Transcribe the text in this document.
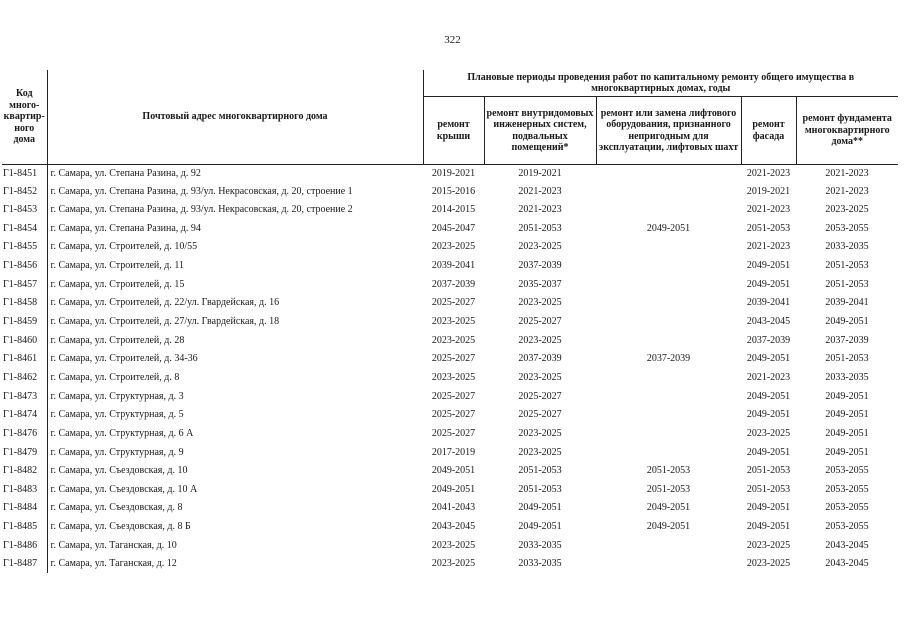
322
Код много-квартир-ного дома	Почтовый адрес многоквартирного дома	Плановые периоды проведения работ по капитальному ремонту общего имущества в многоквартирных домах, годы				
		ремонт крыши	ремонт внутридомовых инженерных систем, подвальных помещений*	ремонт или замена лифтового оборудования, признанного непригодным для эксплуатации, лифтовых шахт	ремонт фасада	ремонт фундамента многоквартирного дома**
Г1-8451	г. Самара, ул. Степана Разина, д. 92	2019-2021	2019-2021		2021-2023	2021-2023
Г1-8452	г. Самара, ул. Степана Разина, д. 93/ул. Некрасовская, д. 20, строение 1	2015-2016	2021-2023		2019-2021	2021-2023
Г1-8453	г. Самара, ул. Степана Разина, д. 93/ул. Некрасовская, д. 20, строение 2	2014-2015	2021-2023		2021-2023	2023-2025
Г1-8454	г. Самара, ул. Степана Разина, д. 94	2045-2047	2051-2053	2049-2051	2051-2053	2053-2055
Г1-8455	г. Самара, ул. Строителей, д. 10/55	2023-2025	2023-2025		2021-2023	2033-2035
Г1-8456	г. Самара, ул. Строителей, д. 11	2039-2041	2037-2039		2049-2051	2051-2053
Г1-8457	г. Самара, ул. Строителей, д. 15	2037-2039	2035-2037		2049-2051	2051-2053
Г1-8458	г. Самара, ул. Строителей, д. 22/ул. Гвардейская, д. 16	2025-2027	2023-2025		2039-2041	2039-2041
Г1-8459	г. Самара, ул. Строителей, д. 27/ул. Гвардейская, д. 18	2023-2025	2025-2027		2043-2045	2049-2051
Г1-8460	г. Самара, ул. Строителей, д. 28	2023-2025	2023-2025		2037-2039	2037-2039
Г1-8461	г. Самара, ул. Строителей, д. 34-36	2025-2027	2037-2039	2037-2039	2049-2051	2051-2053
Г1-8462	г. Самара, ул. Строителей, д. 8	2023-2025	2023-2025		2021-2023	2033-2035
Г1-8473	г. Самара, ул. Структурная, д. 3	2025-2027	2025-2027		2049-2051	2049-2051
Г1-8474	г. Самара, ул. Структурная, д. 5	2025-2027	2025-2027		2049-2051	2049-2051
Г1-8476	г. Самара, ул. Структурная, д. 6 А	2025-2027	2023-2025		2023-2025	2049-2051
Г1-8479	г. Самара, ул. Структурная, д. 9	2017-2019	2023-2025		2049-2051	2049-2051
Г1-8482	г. Самара, ул. Съездовская, д. 10	2049-2051	2051-2053	2051-2053	2051-2053	2053-2055
Г1-8483	г. Самара, ул. Съездовская, д. 10 А	2049-2051	2051-2053	2051-2053	2051-2053	2053-2055
Г1-8484	г. Самара, ул. Съездовская, д. 8	2041-2043	2049-2051	2049-2051	2049-2051	2053-2055
Г1-8485	г. Самара, ул. Съездовская, д. 8 Б	2043-2045	2049-2051	2049-2051	2049-2051	2053-2055
Г1-8486	г. Самара, ул. Таганская, д. 10	2023-2025	2033-2035		2023-2025	2043-2045
Г1-8487	г. Самара, ул. Таганская, д. 12	2023-2025	2033-2035		2023-2025	2043-2045
